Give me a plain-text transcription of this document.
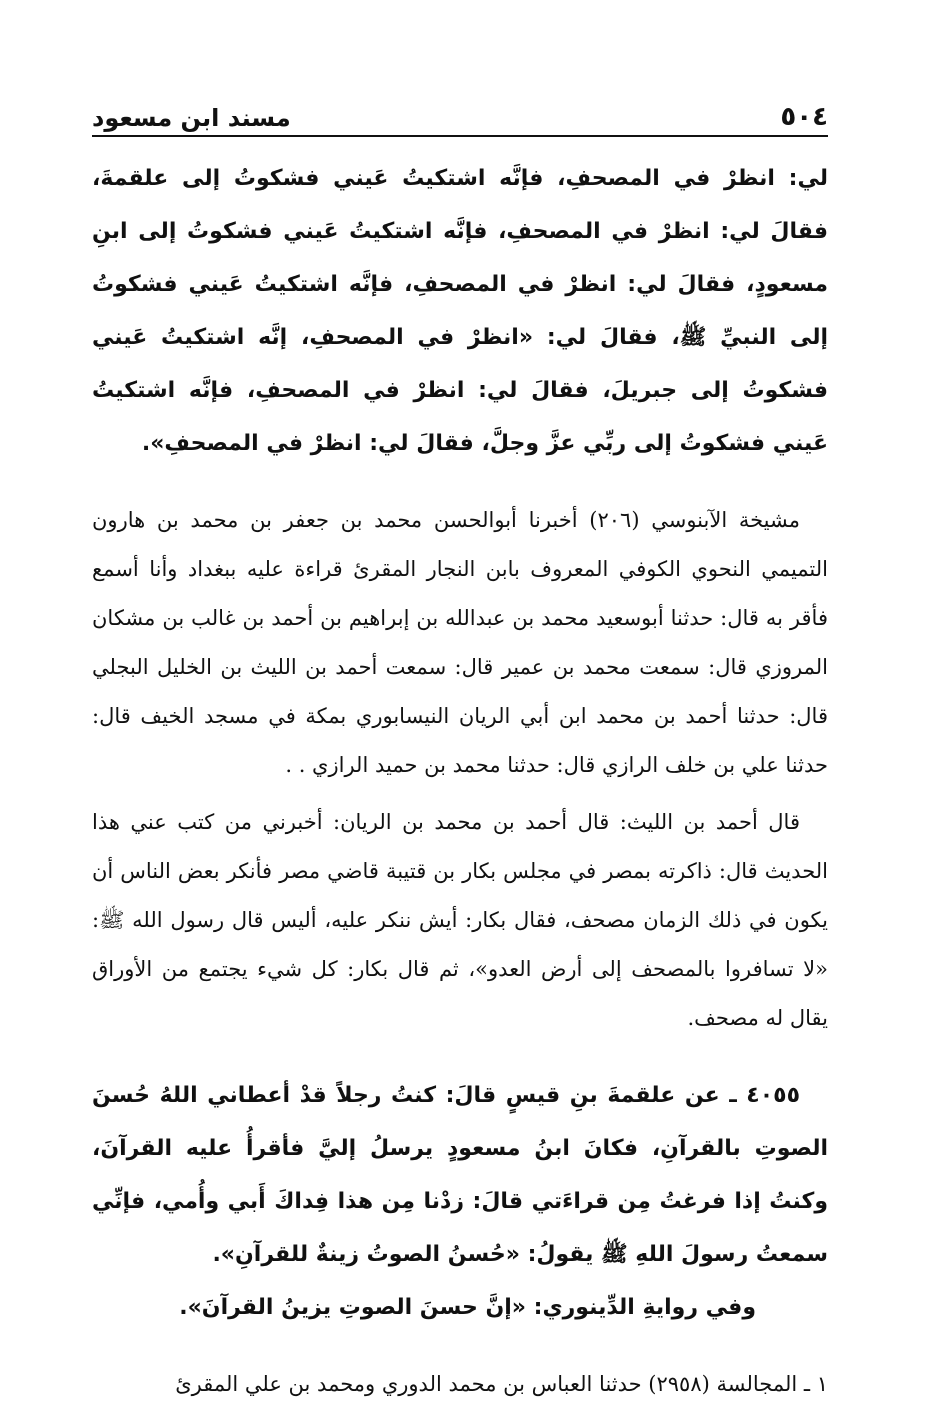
٥٠٤
مسند ابن مسعود

لي: انظرْ في المصحفِ، فإنَّه اشتكيتُ عَيني فشكوتُ إلى علقمةَ، فقالَ لي: انظرْ في المصحفِ، فإنَّه اشتكيتُ عَيني فشكوتُ إلى ابنِ مسعودٍ، فقالَ لي: انظرْ في المصحفِ، فإنَّه اشتكيتُ عَيني فشكوتُ إلى النبيِّ ﷺ، فقالَ لي: «انظرْ في المصحفِ، إنَّه اشتكيتُ عَيني فشكوتُ إلى جبريلَ، فقالَ لي: انظرْ في المصحفِ، فإنَّه اشتكيتُ عَيني فشكوتُ إلى ربِّي عزَّ وجلَّ، فقالَ لي: انظرْ في المصحفِ».

مشيخة الآبنوسي (٢٠٦) أخبرنا أبوالحسن محمد بن جعفر بن محمد بن هارون التميمي النحوي الكوفي المعروف بابن النجار المقرئ قراءة عليه ببغداد وأنا أسمع فأقر به قال: حدثنا أبوسعيد محمد بن عبدالله بن إبراهيم بن أحمد بن غالب بن مشكان المروزي قال: سمعت محمد بن عمير قال: سمعت أحمد بن الليث بن الخليل البجلي قال: حدثنا أحمد بن محمد ابن أبي الريان النيسابوري بمكة في مسجد الخيف قال: حدثنا علي بن خلف الرازي قال: حدثنا محمد بن حميد الرازي . .

قال أحمد بن الليث: قال أحمد بن محمد بن الريان: أخبرني من كتب عني هذا الحديث قال: ذاكرته بمصر في مجلس بكار بن قتيبة قاضي مصر فأنكر بعض الناس أن يكون في ذلك الزمان مصحف، فقال بكار: أيش ننكر عليه، أليس قال رسول الله ﷺ: «لا تسافروا بالمصحف إلى أرض العدو»، ثم قال بكار: كل شيء يجتمع من الأوراق يقال له مصحف.

٤٠٥٥ ـ عن علقمةَ بنِ قيسٍ قالَ: كنتُ رجلاً قدْ أعطاني اللهُ حُسنَ الصوتِ بالقرآنِ، فكانَ ابنُ مسعودٍ يرسلُ إليَّ فأقرأُ عليه القرآنَ، وكنتُ إذا فرغتُ مِن قراءَتي قالَ: زدْنا مِن هذا فِداكَ أَبي وأُمي، فإنِّي سمعتُ رسولَ اللهِ ﷺ يقولُ: «حُسنُ الصوتُ زينةٌ للقرآنِ».

وفي روايةِ الدِّينوري: «إنَّ حسنَ الصوتِ يزينُ القرآنَ».

١ ـ المجالسة (٢٩٥٨) حدثنا العباس بن محمد الدوري ومحمد بن علي المقرئ
